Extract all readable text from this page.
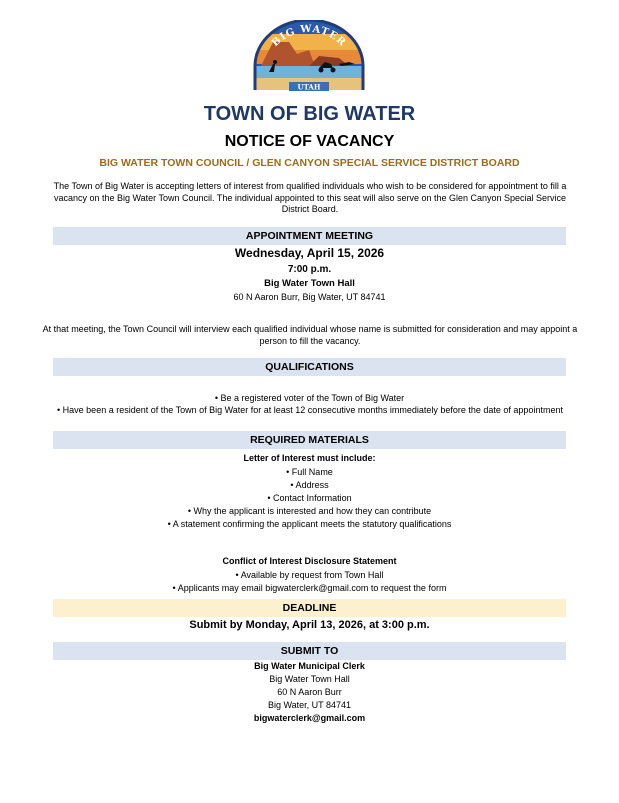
BIG WATER
UTAH
TOWN OF BIG WATER
NOTICE OF VACANCY
BIG WATER TOWN COUNCIL / GLEN CANYON SPECIAL SERVICE DISTRICT BOARD
The Town of Big Water is accepting letters of interest from qualified individuals who wish to be considered for appointment to fill a vacancy on the Big Water Town Council. The individual appointed to this seat will also serve on the Glen Canyon Special Service District Board.
APPOINTMENT MEETING
Wednesday, April 15, 2026
7:00 p.m.
Big Water Town Hall
60 N Aaron Burr, Big Water, UT 84741
At that meeting, the Town Council will interview each qualified individual whose name is submitted for consideration and may appoint a person to fill the vacancy.
QUALIFICATIONS
• Be a registered voter of the Town of Big Water
• Have been a resident of the Town of Big Water for at least 12 consecutive months immediately before the date of appointment
REQUIRED MATERIALS
Letter of Interest must include:
• Full Name
• Address
• Contact Information
• Why the applicant is interested and how they can contribute
• A statement confirming the applicant meets the statutory qualifications
Conflict of Interest Disclosure Statement
• Available by request from Town Hall
• Applicants may email bigwaterclerk@gmail.com to request the form
DEADLINE
Submit by Monday, April 13, 2026, at 3:00 p.m.
SUBMIT TO
Big Water Municipal Clerk
Big Water Town Hall
60 N Aaron Burr
Big Water, UT 84741
bigwaterclerk@gmail.com
